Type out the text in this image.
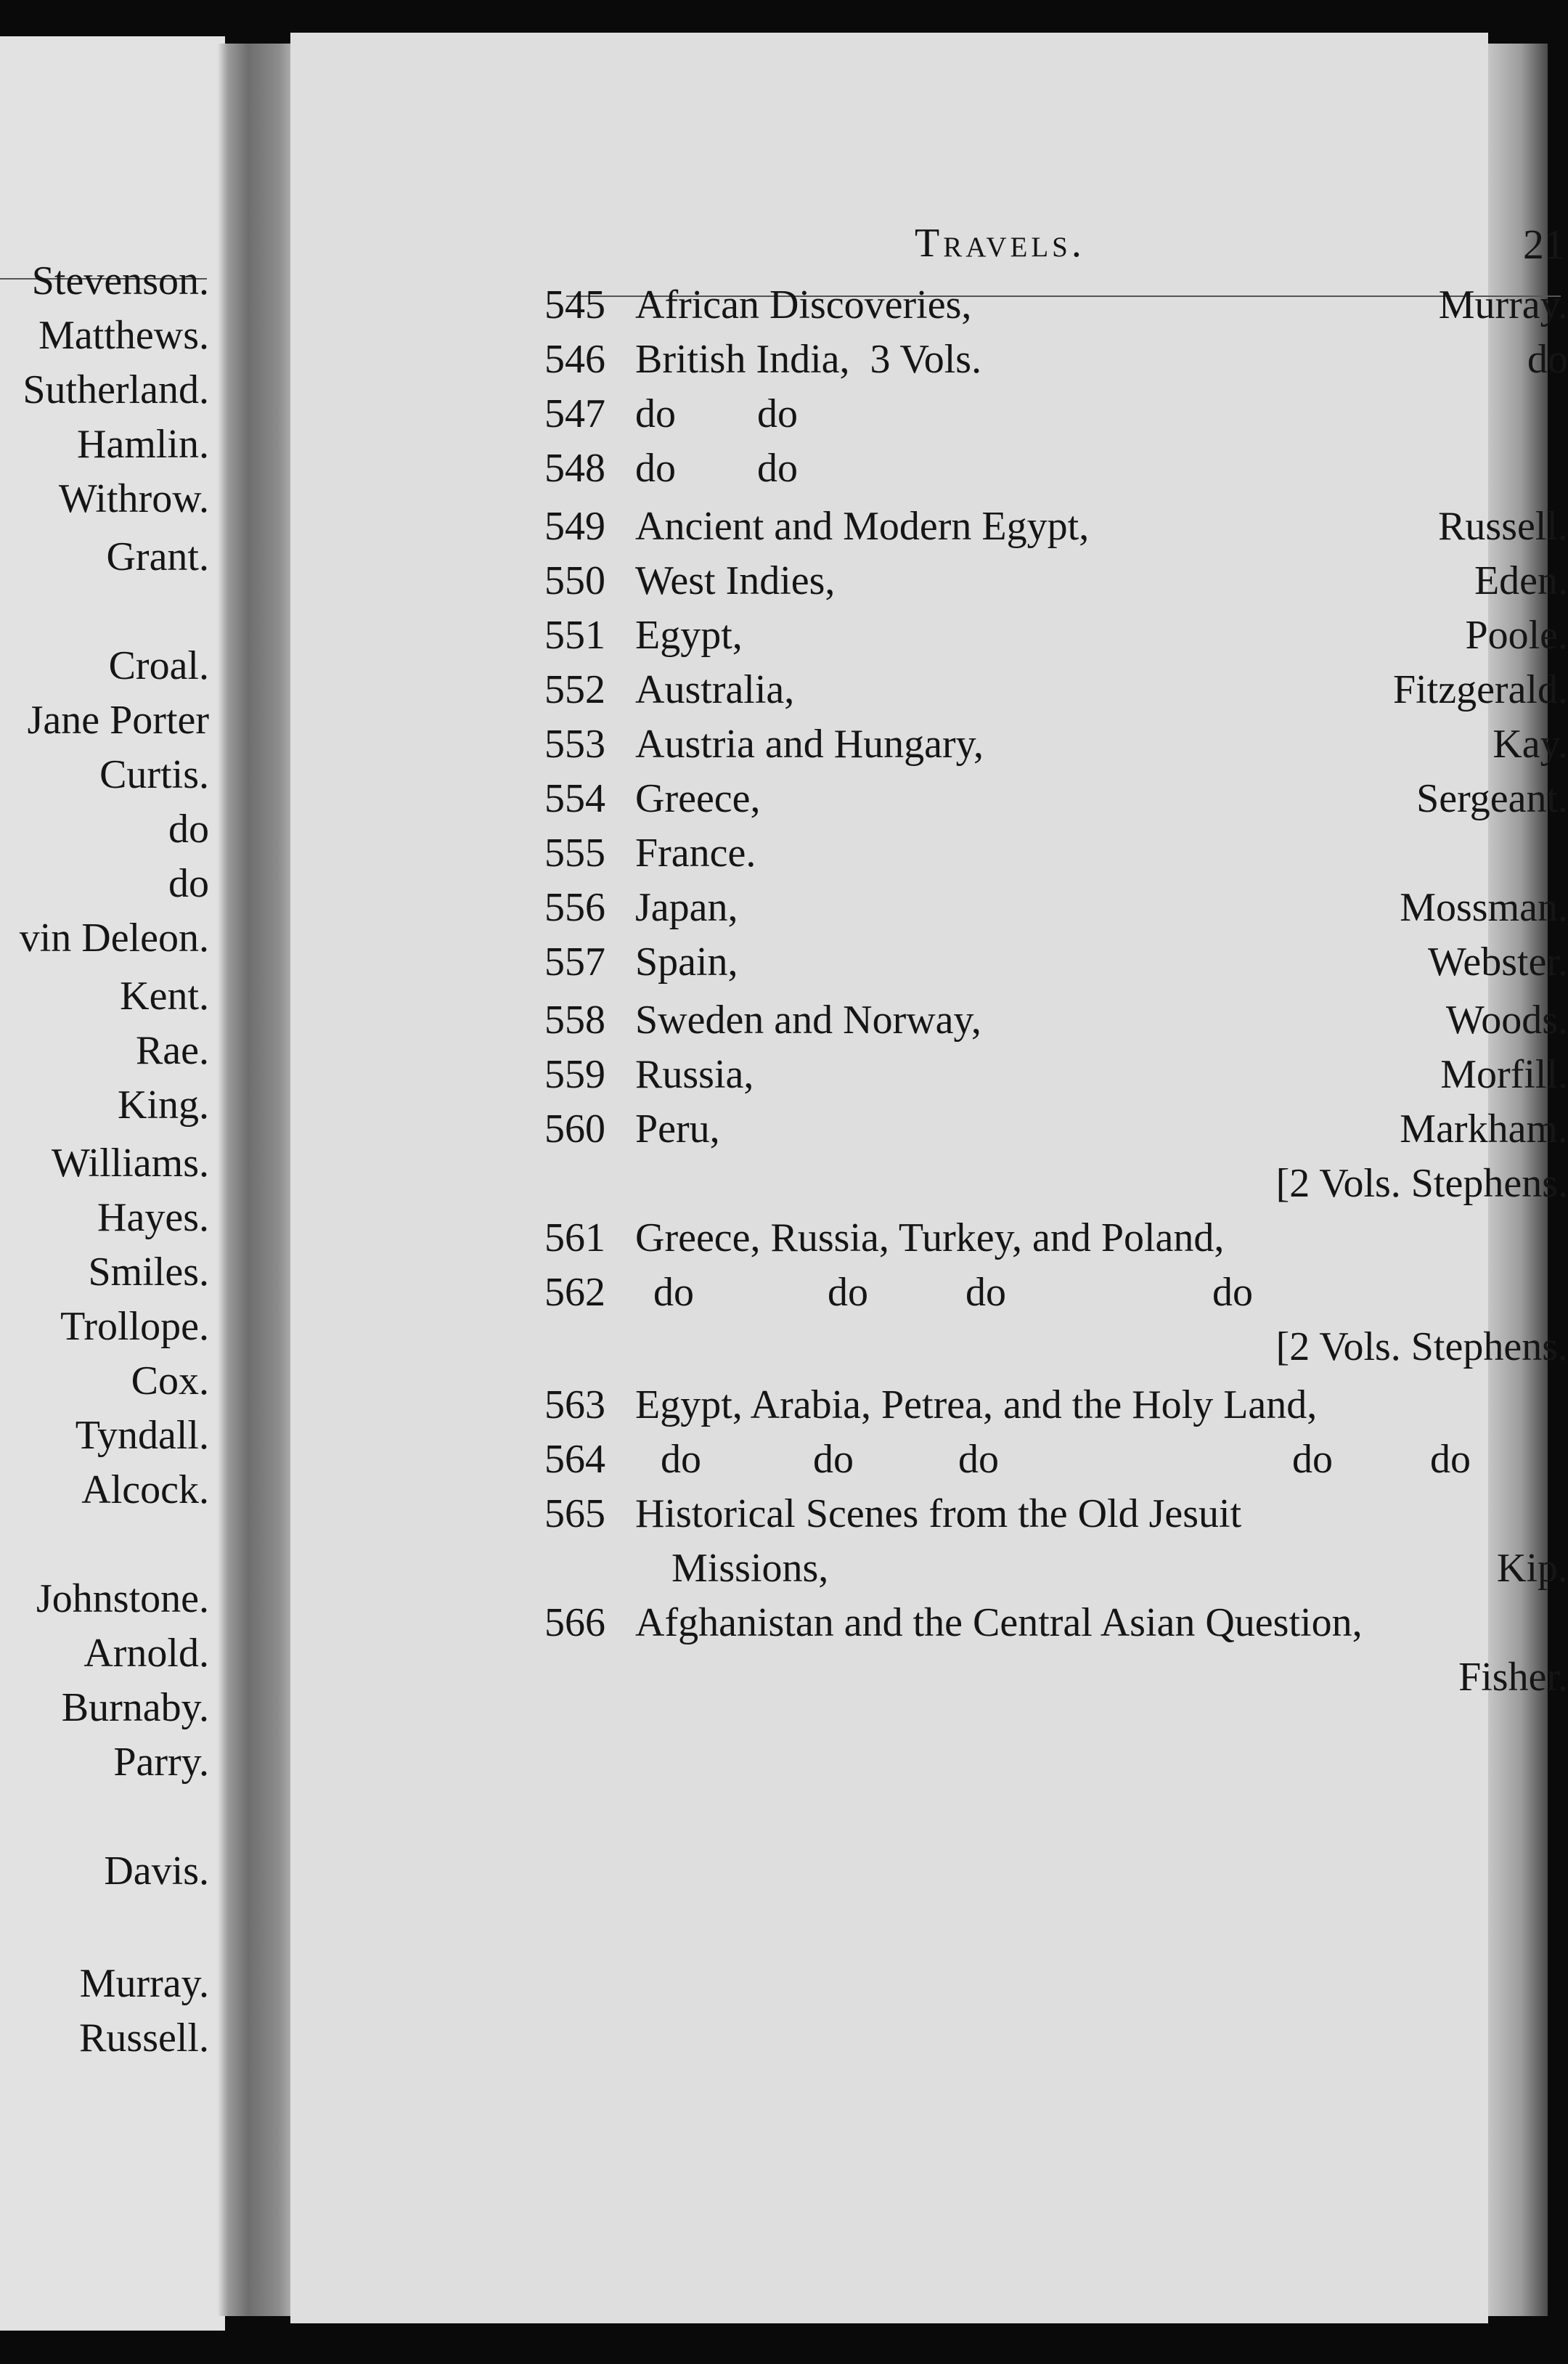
Stevenson.
Matthews.
Sutherland.
Hamlin.
Withrow.
Grant.
Croal.
Jane Porter
Curtis.
do
do
vin Deleon.
Kent.
Rae.
King.
Williams.
Hayes.
Smiles.
Trollope.
Cox.
Tyndall.
Alcock.
Johnstone.
Arnold.
Burnaby.
Parry.
Davis.
Murray.
Russell.
Travels.	21
545 African Discoveries,	Murray.
546 British India,  3 Vols.	do
547 do        do
548 do        do
549 Ancient and Modern Egypt,	Russell.
550 West Indies,	Eden.
551 Egypt,	Poole.
552 Australia,	Fitzgerald.
553 Austria and Hungary,	Kay.
554 Greece,	Sergeant.
555 France.
556 Japan,	Mossman.
557 Spain,	Webster.
558 Sweden and Norway,	Woods.
559 Russia,	Morfill.
560 Peru,	Markham.
[2 Vols. Stephens.
561 Greece, Russia, Turkey, and Poland,
562	do	do do	do
[2 Vols. Stephens.
563 Egypt, Arabia, Petrea, and the Holy Land,
564	do	do	do	do do
565 Historical Scenes from the Old Jesuit
Missions,	Kip.
566 Afghanistan and the Central Asian Question,
Fisher.
